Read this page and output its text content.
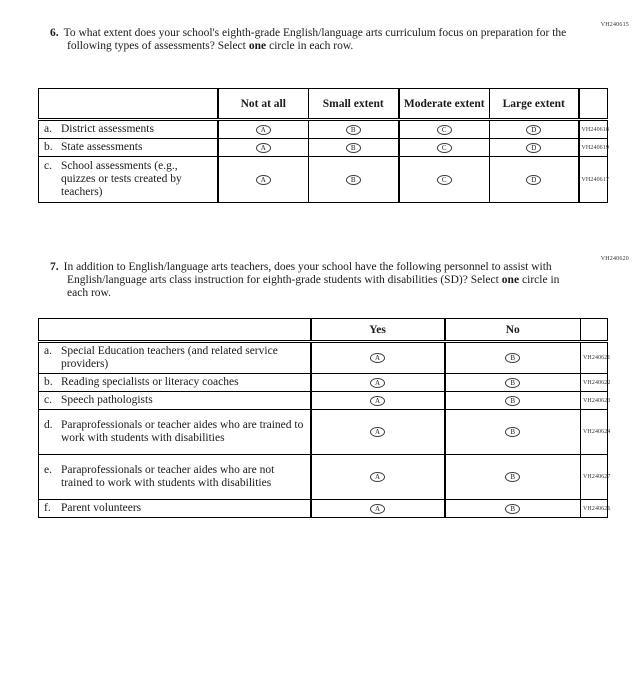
VH240615
6. To what extent does your school's eighth-grade English/language arts curriculum focus on preparation for the following types of assessments? Select one circle in each row.
	Not at all	Small extent	Moderate extent	Large extent	

a. District assessments	A	B	C	D	VH240618

b. State assessments	A	B	C	D	VH240619

c. School assessments (e.g., quizzes or tests created by teachers)	A	B	C	D	VH240617
VH240620
7. In addition to English/language arts teachers, does your school have the following personnel to assist with English/language arts class instruction for eighth-grade students with disabilities (SD)? Select one circle in each row.
	Yes	No	

a. Special Education teachers (and related service providers)	A	B	VH240621

b. Reading specialists or literacy coaches	A	B	VH240622

c. Speech pathologists	A	B	VH240623

d. Paraprofessionals or teacher aides who are trained to work with students with disabilities	A	B	VH240624

e. Paraprofessionals or teacher aides who are not trained to work with students with disabilities	A	B	VH240627

f. Parent volunteers	A	B	VH240626
